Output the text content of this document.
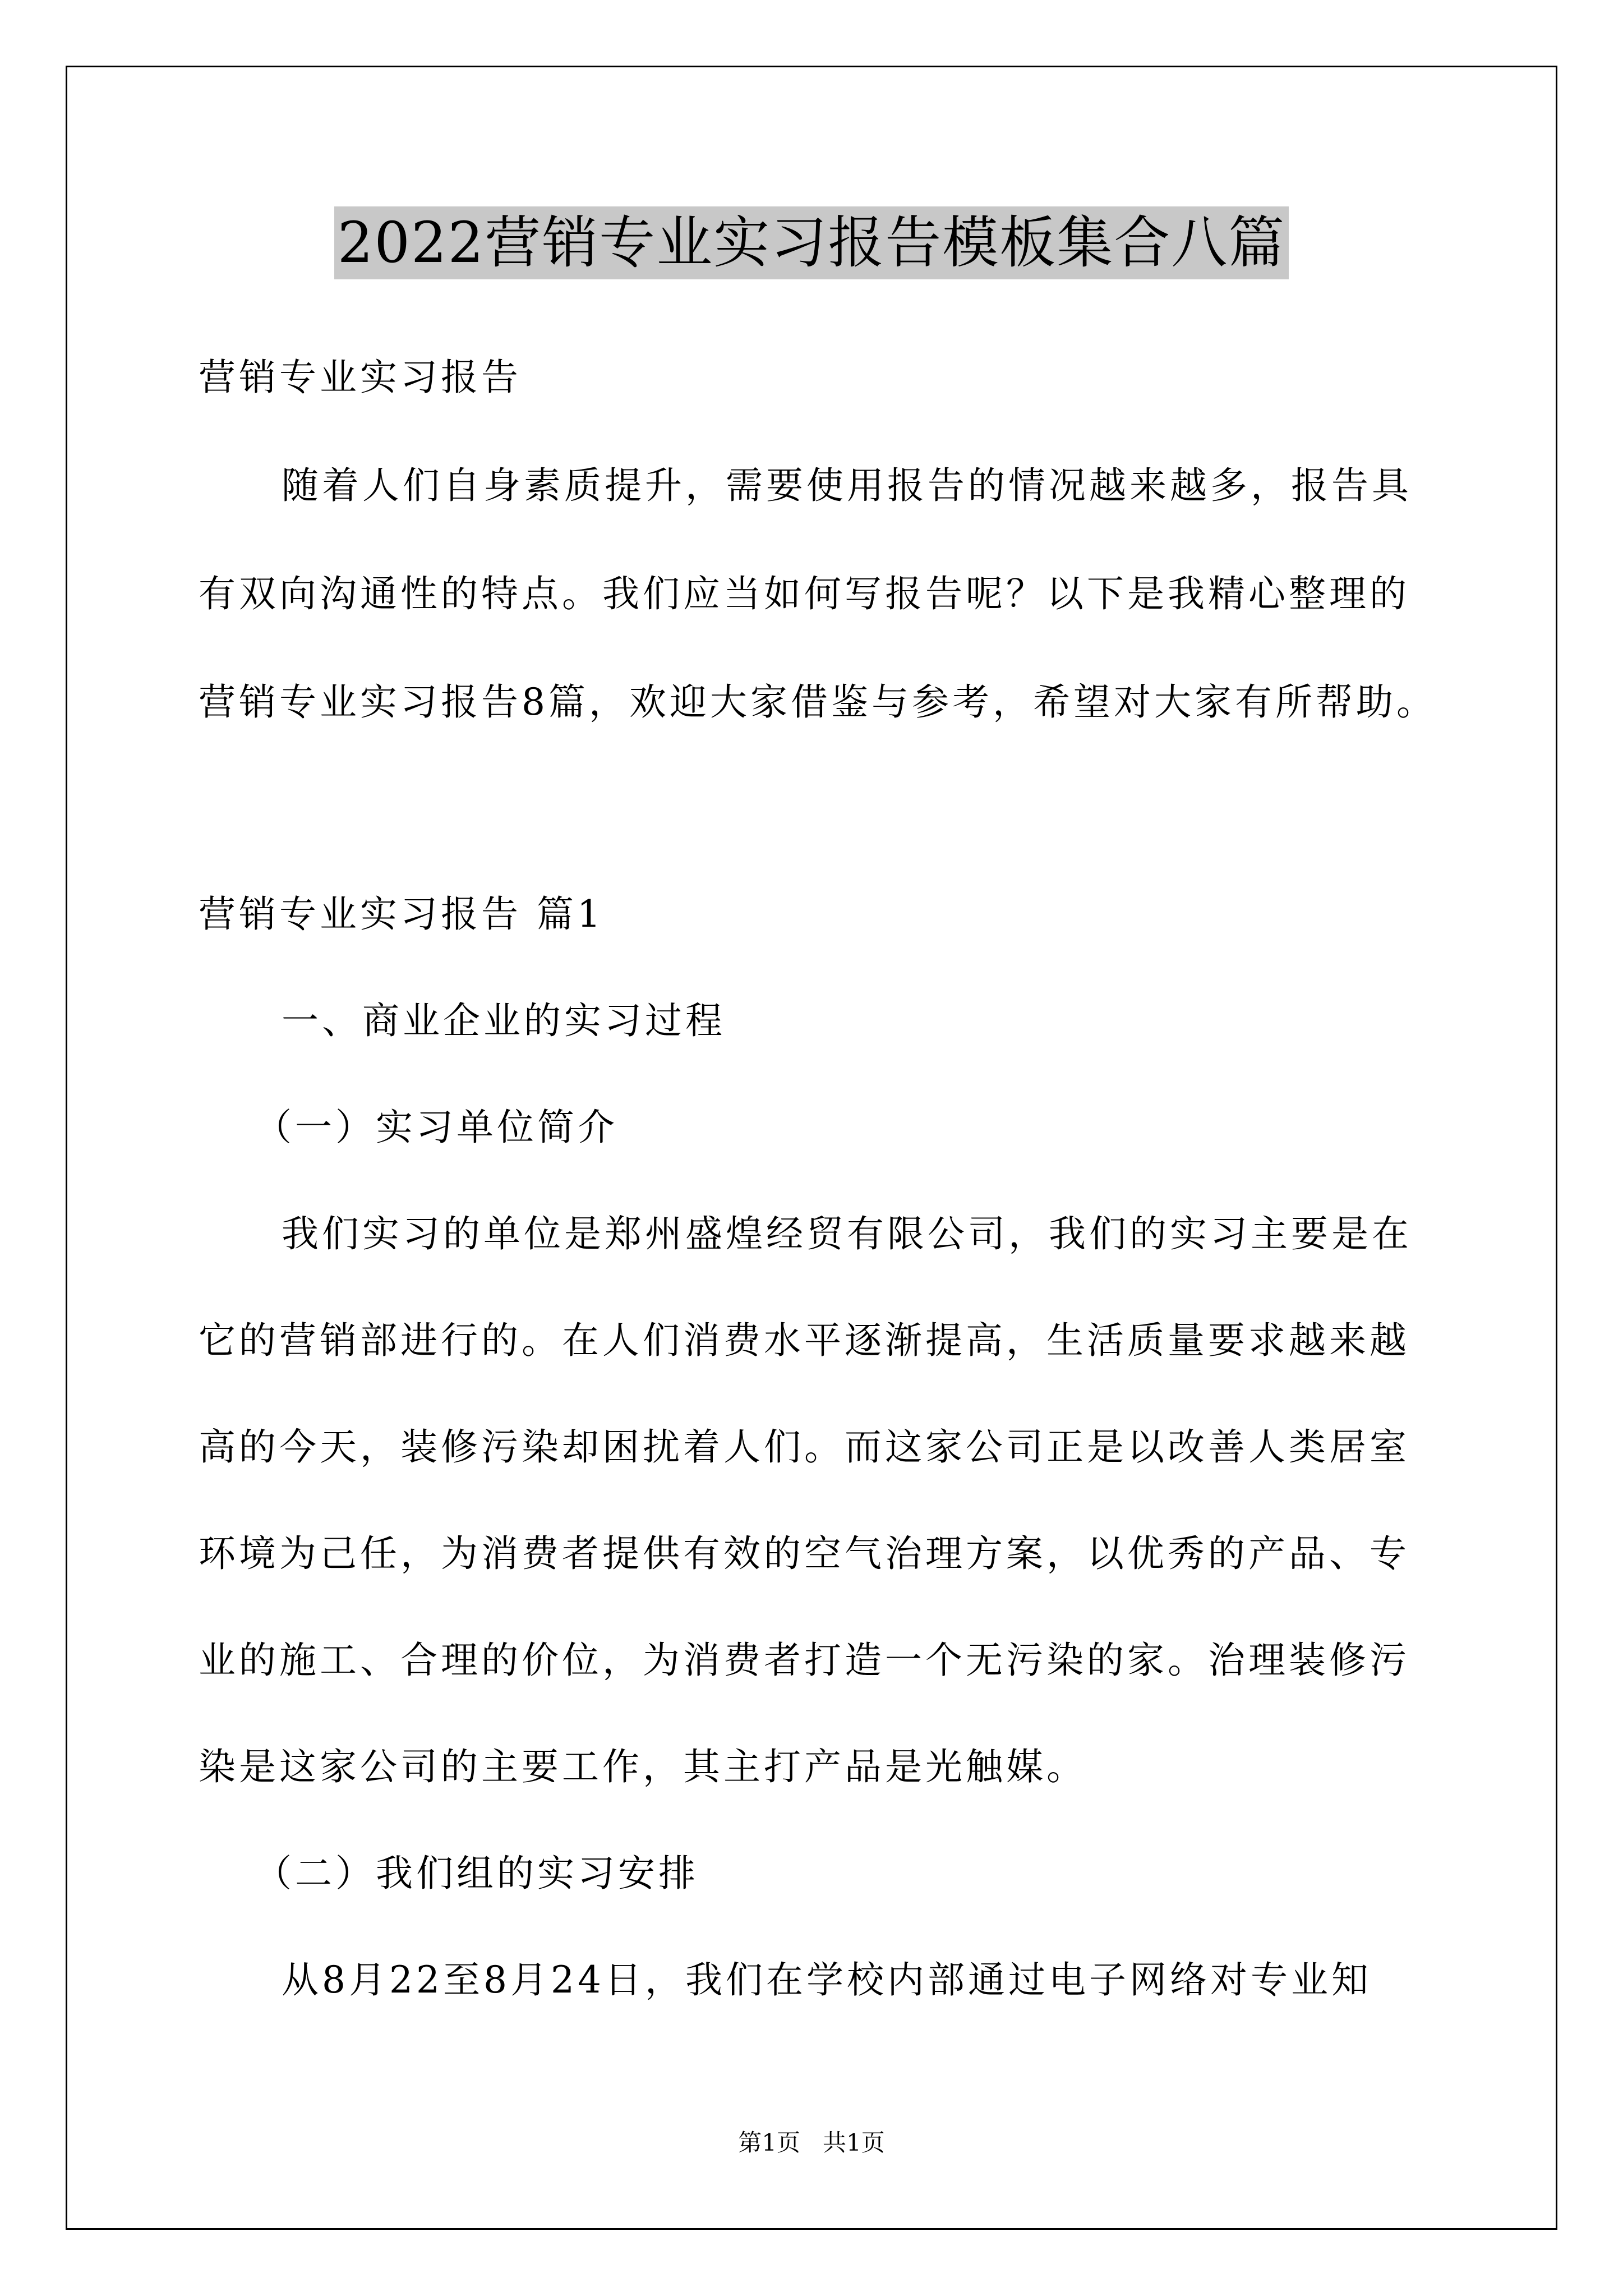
2022营销专业实习报告模板集合八篇
营销专业实习报告
随着人们自身素质提升，需要使用报告的情况越来越多，报告具
有双向沟通性的特点。我们应当如何写报告呢？以下是我精心整理的
营销专业实习报告8篇，欢迎大家借鉴与参考，希望对大家有所帮助。
营销专业实习报告 篇1
一、商业企业的实习过程
（一）实习单位简介
我们实习的单位是郑州盛煌经贸有限公司，我们的实习主要是在
它的营销部进行的。在人们消费水平逐渐提高，生活质量要求越来越
高的今天，装修污染却困扰着人们。而这家公司正是以改善人类居室
环境为己任，为消费者提供有效的空气治理方案，以优秀的产品、专
业的施工、合理的价位，为消费者打造一个无污染的家。治理装修污
染是这家公司的主要工作，其主打产品是光触媒。
（二）我们组的实习安排
从8月22至8月24日，我们在学校内部通过电子网络对专业知
第1页   共1页
